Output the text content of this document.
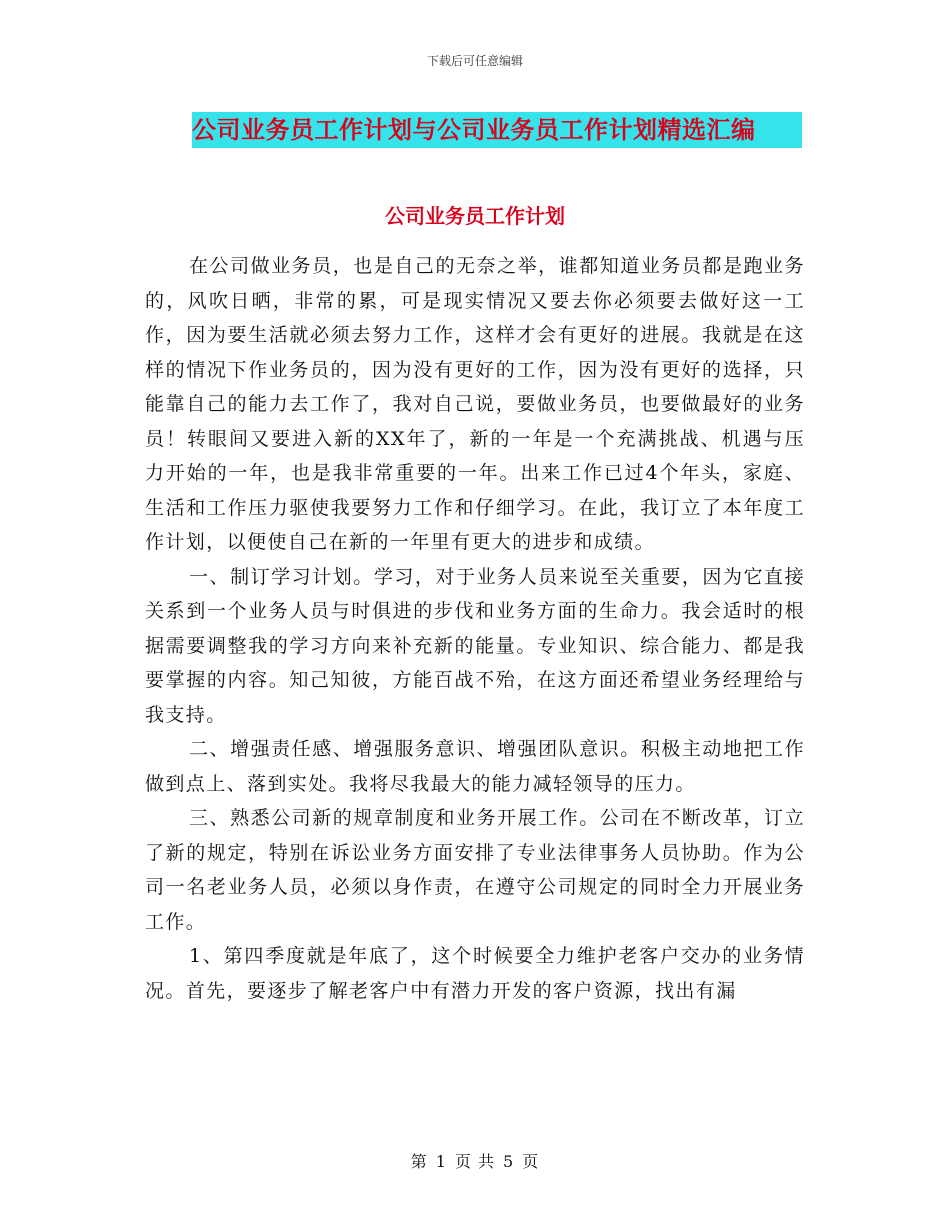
下载后可任意编辑
公司业务员工作计划与公司业务员工作计划精选汇编
公司业务员工作计划

在公司做业务员，也是自己的无奈之举，谁都知道业务员都是跑业务的，风吹日晒，非常的累，可是现实情况又要去你必须要去做好这一工作，因为要生活就必须去努力工作，这样才会有更好的进展。我就是在这样的情况下作业务员的，因为没有更好的工作，因为没有更好的选择，只能靠自己的能力去工作了，我对自己说，要做业务员，也要做最好的业务员！转眼间又要进入新的XX年了，新的一年是一个充满挑战、机遇与压力开始的一年，也是我非常重要的一年。出来工作已过4个年头，家庭、生活和工作压力驱使我要努力工作和仔细学习。在此，我订立了本年度工作计划，以便使自己在新的一年里有更大的进步和成绩。

一、制订学习计划。学习，对于业务人员来说至关重要，因为它直接关系到一个业务人员与时俱进的步伐和业务方面的生命力。我会适时的根据需要调整我的学习方向来补充新的能量。专业知识、综合能力、都是我要掌握的内容。知己知彼，方能百战不殆，在这方面还希望业务经理给与我支持。

二、增强责任感、增强服务意识、增强团队意识。积极主动地把工作做到点上、落到实处。我将尽我最大的能力减轻领导的压力。

三、熟悉公司新的规章制度和业务开展工作。公司在不断改革，订立了新的规定，特别在诉讼业务方面安排了专业法律事务人员协助。作为公司一名老业务人员，必须以身作责，在遵守公司规定的同时全力开展业务工作。

1、第四季度就是年底了，这个时候要全力维护老客户交办的业务情况。首先，要逐步了解老客户中有潜力开发的客户资源，找出有漏

第 1 页 共 5 页
